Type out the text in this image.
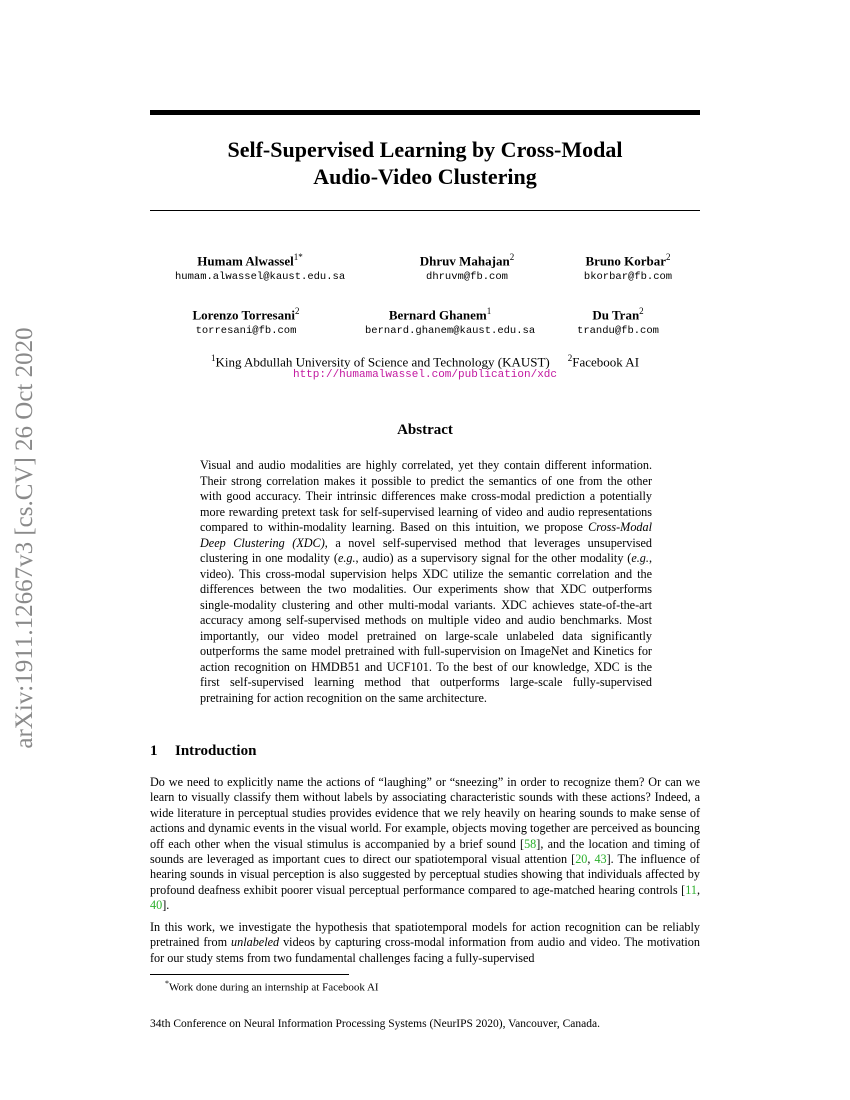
arXiv:1911.12667v3 [cs.CV] 26 Oct 2020
Self-Supervised Learning by Cross-Modal
Audio-Video Clustering
Humam Alwassel$^{1*}$
humam.alwassel@kaust.edu.sa
Dhruv Mahajan$^2$
dhruvm@fb.com
Bruno Korbar$^2$
bkorbar@fb.com
Lorenzo Torresani$^2$
torresani@fb.com
Bernard Ghanem$^1$
bernard.ghanem@kaust.edu.sa
Du Tran$^2$
trandu@fb.com
$^1$King Abdullah University of Science and Technology (KAUST) $^2$Facebook AI
http://humamalwassel.com/publication/xdc
Abstract
Visual and audio modalities are highly correlated, yet they contain different information. Their strong correlation makes it possible to predict the semantics of one from the other with good accuracy. Their intrinsic differences make cross-modal prediction a potentially more rewarding pretext task for self-supervised learning of video and audio representations compared to within-modality learning. Based on this intuition, we propose Cross-Modal Deep Clustering (XDC), a novel self-supervised method that leverages unsupervised clustering in one modality (e.g., audio) as a supervisory signal for the other modality (e.g., video). This cross-modal supervision helps XDC utilize the semantic correlation and the differences between the two modalities. Our experiments show that XDC outperforms single-modality clustering and other multi-modal variants. XDC achieves state-of-the-art accuracy among self-supervised methods on multiple video and audio benchmarks. Most importantly, our video model pretrained on large-scale unlabeled data significantly outperforms the same model pretrained with full-supervision on ImageNet and Kinetics for action recognition on HMDB51 and UCF101. To the best of our knowledge, XDC is the first self-supervised learning method that outperforms large-scale fully-supervised pretraining for action recognition on the same architecture.
1 Introduction
Do we need to explicitly name the actions of “laughing” or “sneezing” in order to recognize them? Or can we learn to visually classify them without labels by associating characteristic sounds with these actions? Indeed, a wide literature in perceptual studies provides evidence that we rely heavily on hearing sounds to make sense of actions and dynamic events in the visual world. For example, objects moving together are perceived as bouncing off each other when the visual stimulus is accompanied by a brief sound [58], and the location and timing of sounds are leveraged as important cues to direct our spatiotemporal visual attention [20, 43]. The influence of hearing sounds in visual perception is also suggested by perceptual studies showing that individuals affected by profound deafness exhibit poorer visual perceptual performance compared to age-matched hearing controls [11, 40].
In this work, we investigate the hypothesis that spatiotemporal models for action recognition can be reliably pretrained from unlabeled videos by capturing cross-modal information from audio and video. The motivation for our study stems from two fundamental challenges facing a fully-supervised
*Work done during an internship at Facebook AI
34th Conference on Neural Information Processing Systems (NeurIPS 2020), Vancouver, Canada.
